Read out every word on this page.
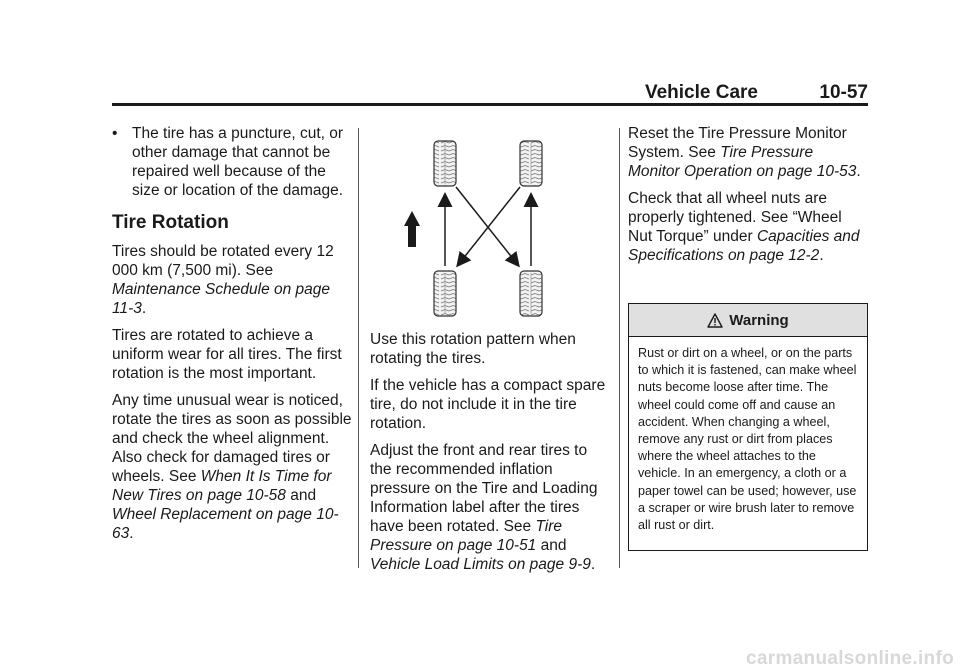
Vehicle Care	10-57

• The tire has a puncture, cut, or other damage that cannot be repaired well because of the size or location of the damage.

Tire Rotation

Tires should be rotated every 12 000 km (7,500 mi). See Maintenance Schedule on page 11-3.

Tires are rotated to achieve a uniform wear for all tires. The first rotation is the most important.

Any time unusual wear is noticed, rotate the tires as soon as possible and check the wheel alignment. Also check for damaged tires or wheels. See When It Is Time for New Tires on page 10-58 and Wheel Replacement on page 10-63.

Use this rotation pattern when rotating the tires.

If the vehicle has a compact spare tire, do not include it in the tire rotation.

Adjust the front and rear tires to the recommended inflation pressure on the Tire and Loading Information label after the tires have been rotated. See Tire Pressure on page 10-51 and Vehicle Load Limits on page 9-9.

Reset the Tire Pressure Monitor System. See Tire Pressure Monitor Operation on page 10-53.

Check that all wheel nuts are properly tightened. See “Wheel Nut Torque” under Capacities and Specifications on page 12-2.

Warning
Rust or dirt on a wheel, or on the parts to which it is fastened, can make wheel nuts become loose after time. The wheel could come off and cause an accident. When changing a wheel, remove any rust or dirt from places where the wheel attaches to the vehicle. In an emergency, a cloth or a paper towel can be used; however, use a scraper or wire brush later to remove all rust or dirt.
carmanualsonline.info
